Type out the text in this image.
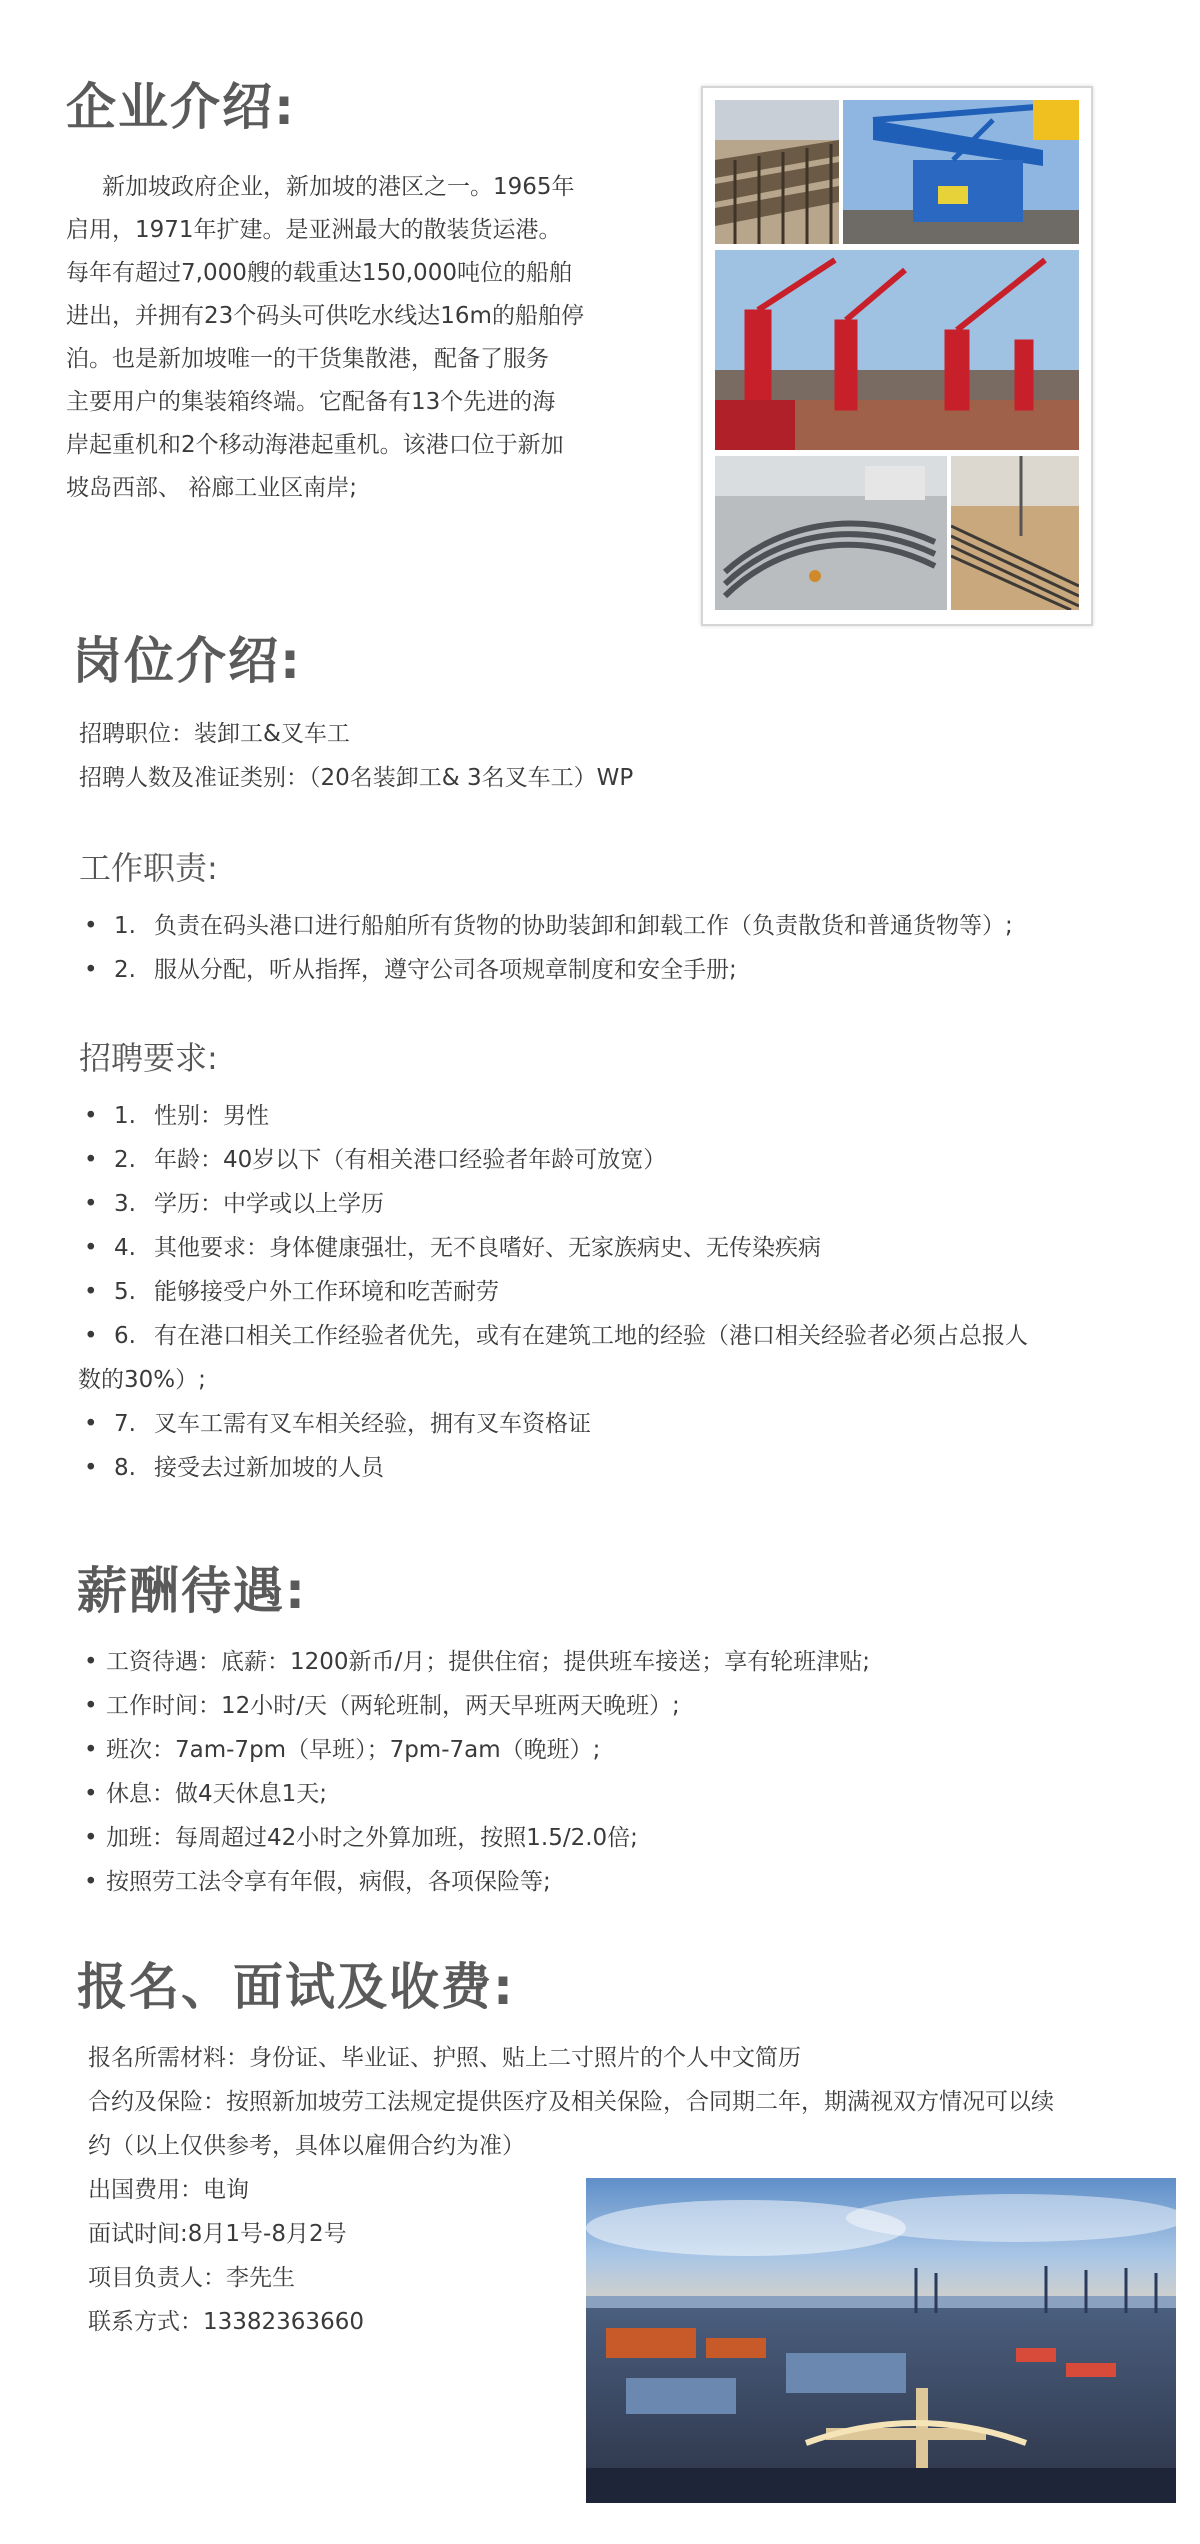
企业介绍:
新加坡政府企业，新加坡的港区之一。1965年
启用，1971年扩建。是亚洲最大的散装货运港。
每年有超过7,000艘的载重达150,000吨位的船舶
进出，并拥有23个码头可供吃水线达16m的船舶停
泊。也是新加坡唯一的干货集散港，配备了服务
主要用户的集装箱终端。它配备有13个先进的海
岸起重机和2个移动海港起重机。该港口位于新加
坡岛西部、 裕廊工业区南岸;
岗位介绍:
招聘职位：装卸工&叉车工
招聘人数及准证类别：（20名装卸工& 3名叉车工）WP
工作职责:
• 1. 负责在码头港口进行船舶所有货物的协助装卸和卸载工作（负责散货和普通货物等）;
• 2. 服从分配，听从指挥，遵守公司各项规章制度和安全手册;
招聘要求:
• 1. 性别：男性
• 2. 年龄：40岁以下（有相关港口经验者年龄可放宽）
• 3. 学历：中学或以上学历
• 4. 其他要求：身体健康强壮，无不良嗜好、无家族病史、无传染疾病
• 5. 能够接受户外工作环境和吃苦耐劳
• 6. 有在港口相关工作经验者优先，或有在建筑工地的经验（港口相关经验者必须占总报人
数的30%）;
• 7. 叉车工需有叉车相关经验，拥有叉车资格证
• 8. 接受去过新加坡的人员
薪酬待遇:
• 工资待遇：底薪：1200新币/月；提供住宿；提供班车接送；享有轮班津贴;
• 工作时间：12小时/天（两轮班制，两天早班两天晚班）;
• 班次：7am-7pm（早班）；7pm-7am（晚班）;
• 休息：做4天休息1天;
• 加班：每周超过42小时之外算加班，按照1.5/2.0倍;
• 按照劳工法令享有年假，病假，各项保险等;
报名、面试及收费:
报名所需材料：身份证、毕业证、护照、贴上二寸照片的个人中文简历
合约及保险：按照新加坡劳工法规定提供医疗及相关保险，合同期二年，期满视双方情况可以续
约（以上仅供参考，具体以雇佣合约为准）
出国费用：电询
面试时间:8月1号-8月2号
项目负责人：李先生
联系方式：13382363660
